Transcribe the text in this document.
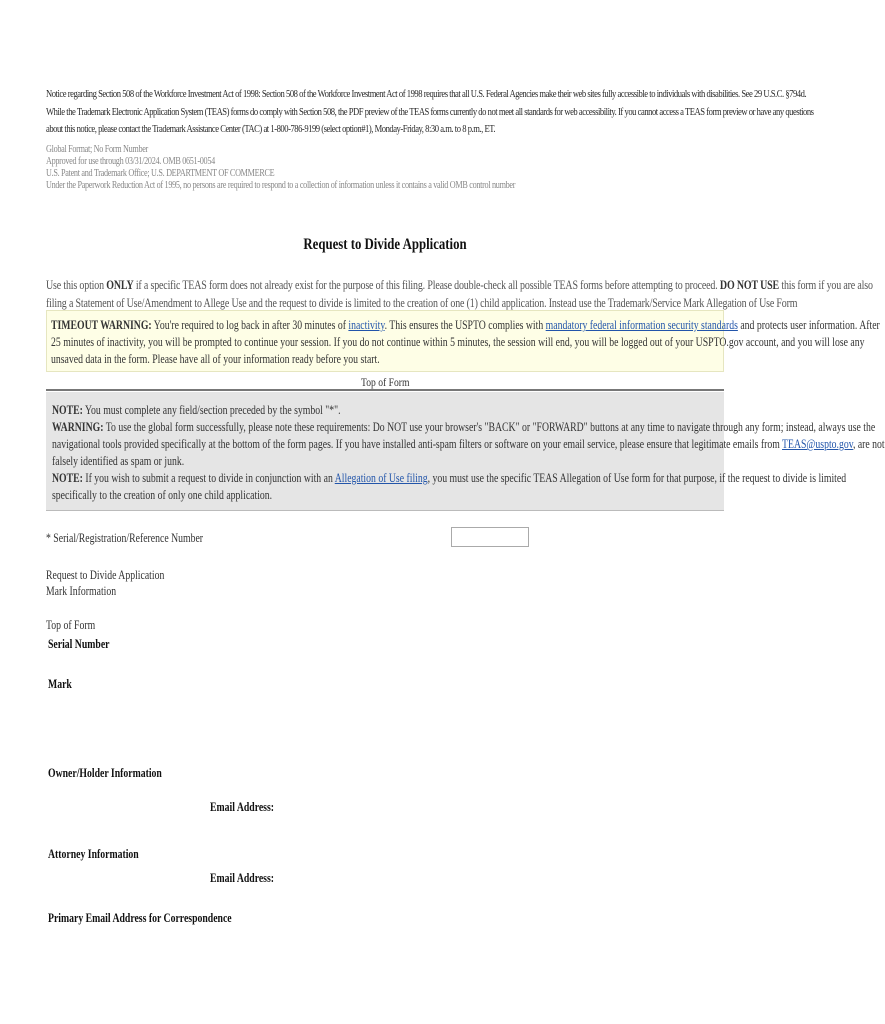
Notice regarding Section 508 of the Workforce Investment Act of 1998: Section 508 of the Workforce Investment Act of 1998 requires that all U.S. Federal Agencies make their web sites fully accessible to individuals with disabilities. See 29 U.S.C. §794d.
While the Trademark Electronic Application System (TEAS) forms do comply with Section 508, the PDF preview of the TEAS forms currently do not meet all standards for web accessibility. If you cannot access a TEAS form preview or have any questions
about this notice, please contact the Trademark Assistance Center (TAC) at 1-800-786-9199 (select option#1), Monday-Friday, 8:30 a.m. to 8 p.m., ET.
Global Format; No Form Number
Approved for use through 03/31/2024. OMB 0651-0054
U.S. Patent and Trademark Office; U.S. DEPARTMENT OF COMMERCE
Under the Paperwork Reduction Act of 1995, no persons are required to respond to a collection of information unless it contains a valid OMB control number
Request to Divide Application
Use this option ONLY if a specific TEAS form does not already exist for the purpose of this filing. Please double-check all possible TEAS forms before attempting to proceed. DO NOT USE this form if you are also
filing a Statement of Use/Amendment to Allege Use and the request to divide is limited to the creation of one (1) child application. Instead use the Trademark/Service Mark Allegation of Use Form
TIMEOUT WARNING: You're required to log back in after 30 minutes of inactivity. This ensures the USPTO complies with mandatory federal information security standards and protects user information. After
25 minutes of inactivity, you will be prompted to continue your session. If you do not continue within 5 minutes, the session will end, you will be logged out of your USPTO.gov account, and you will lose any
unsaved data in the form. Please have all of your information ready before you start.
Top of Form
NOTE: You must complete any field/section preceded by the symbol "*".
WARNING: To use the global form successfully, please note these requirements: Do NOT use your browser's "BACK" or "FORWARD" buttons at any time to navigate through any form; instead, always use the
navigational tools provided specifically at the bottom of the form pages. If you have installed anti-spam filters or software on your email service, please ensure that legitimate emails from TEAS@uspto.gov, are not
falsely identified as spam or junk.
NOTE: If you wish to submit a request to divide in conjunction with an Allegation of Use filing, you must use the specific TEAS Allegation of Use form for that purpose, if the request to divide is limited
specifically to the creation of only one child application.
* Serial/Registration/Reference Number
Request to Divide Application
Mark Information
Top of Form
Serial Number
Mark
Owner/Holder Information
Email Address:
Attorney Information
Email Address:
Primary Email Address for Correspondence
